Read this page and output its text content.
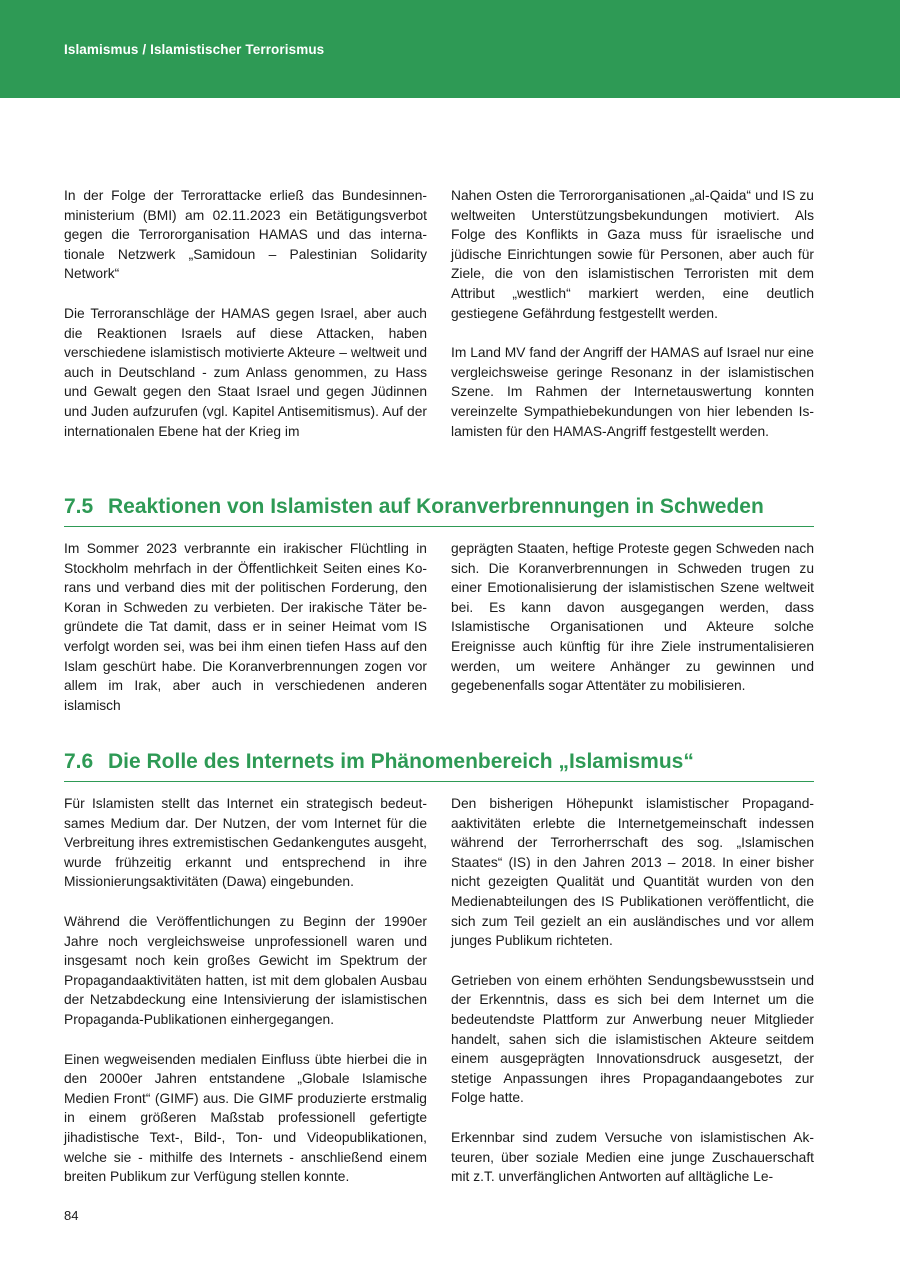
Islamismus / Islamistischer Terrorismus

In der Folge der Terrorattacke erließ das Bundesinnenministerium (BMI) am 02.11.2023 ein Betätigungsverbot gegen die Terrororganisation HAMAS und das internationale Netzwerk „Samidoun – Palestinian Solidarity Network“

Die Terroranschläge der HAMAS gegen Israel, aber auch die Reaktionen Israels auf diese Attacken, haben verschiedene islamistisch motivierte Akteure – weltweit und auch in Deutschland - zum Anlass genommen, zu Hass und Gewalt gegen den Staat Israel und gegen Jüdinnen und Juden aufzurufen (vgl. Kapitel Antisemitismus). Auf der internationalen Ebene hat der Krieg im

Nahen Osten die Terrororganisationen „al-Qaida“ und IS zu weltweiten Unterstützungsbekundungen motiviert. Als Folge des Konflikts in Gaza muss für israelische und jüdische Einrichtungen sowie für Personen, aber auch für Ziele, die von den islamistischen Terroristen mit dem Attribut „westlich“ markiert werden, eine deutlich gestiegene Gefährdung festgestellt werden.

Im Land MV fand der Angriff der HAMAS auf Israel nur eine vergleichsweise geringe Resonanz in der islamistischen Szene. Im Rahmen der Internetauswertung konnten vereinzelte Sympathiebekundungen von hier lebenden Islamisten für den HAMAS-Angriff festgestellt werden.

7.5 Reaktionen von Islamisten auf Koranverbrennungen in Schweden

Im Sommer 2023 verbrannte ein irakischer Flüchtling in Stockholm mehrfach in der Öffentlichkeit Seiten eines Korans und verband dies mit der politischen Forderung, den Koran in Schweden zu verbieten. Der irakische Täter begründete die Tat damit, dass er in seiner Heimat vom IS verfolgt worden sei, was bei ihm einen tiefen Hass auf den Islam geschürt habe. Die Koranverbrennungen zogen vor allem im Irak, aber auch in verschiedenen anderen islamisch

geprägten Staaten, heftige Proteste gegen Schweden nach sich. Die Koranverbrennungen in Schweden trugen zu einer Emotionalisierung der islamistischen Szene weltweit bei. Es kann davon ausgegangen werden, dass Islamistische Organisationen und Akteure solche Ereignisse auch künftig für ihre Ziele instrumentalisieren werden, um weitere Anhänger zu gewinnen und gegebenenfalls sogar Attentäter zu mobilisieren.

7.6 Die Rolle des Internets im Phänomenbereich „Islamismus“

Für Islamisten stellt das Internet ein strategisch bedeutsames Medium dar. Der Nutzen, der vom Internet für die Verbreitung ihres extremistischen Gedankengutes ausgeht, wurde frühzeitig erkannt und entsprechend in ihre Missionierungsaktivitäten (Dawa) eingebunden.

Während die Veröffentlichungen zu Beginn der 1990er Jahre noch vergleichsweise unprofessionell waren und insgesamt noch kein großes Gewicht im Spektrum der Propagandaaktivitäten hatten, ist mit dem globalen Ausbau der Netzabdeckung eine Intensivierung der islamistischen Propaganda-Publikationen einhergegangen.

Einen wegweisenden medialen Einfluss übte hierbei die in den 2000er Jahren entstandene „Globale Islamische Medien Front“ (GIMF) aus. Die GIMF produzierte erstmalig in einem größeren Maßstab professionell gefertigte jihadistische Text-, Bild-, Ton- und Videopublikationen, welche sie - mithilfe des Internets - anschließend einem breiten Publikum zur Verfügung stellen konnte.

Den bisherigen Höhepunkt islamistischer Propagandaaktivitäten erlebte die Internetgemeinschaft indessen während der Terrorherrschaft des sog. „Islamischen Staates“ (IS) in den Jahren 2013 – 2018. In einer bisher nicht gezeigten Qualität und Quantität wurden von den Medienabteilungen des IS Publikationen veröffentlicht, die sich zum Teil gezielt an ein ausländisches und vor allem junges Publikum richteten.

Getrieben von einem erhöhten Sendungsbewusstsein und der Erkenntnis, dass es sich bei dem Internet um die bedeutendste Plattform zur Anwerbung neuer Mitglieder handelt, sahen sich die islamistischen Akteure seitdem einem ausgeprägten Innovationsdruck ausgesetzt, der stetige Anpassungen ihres Propagandaangebotes zur Folge hatte.

Erkennbar sind zudem Versuche von islamistischen Akteuren, über soziale Medien eine junge Zuschauerschaft mit z.T. unverfänglichen Antworten auf alltägliche Le-

84
